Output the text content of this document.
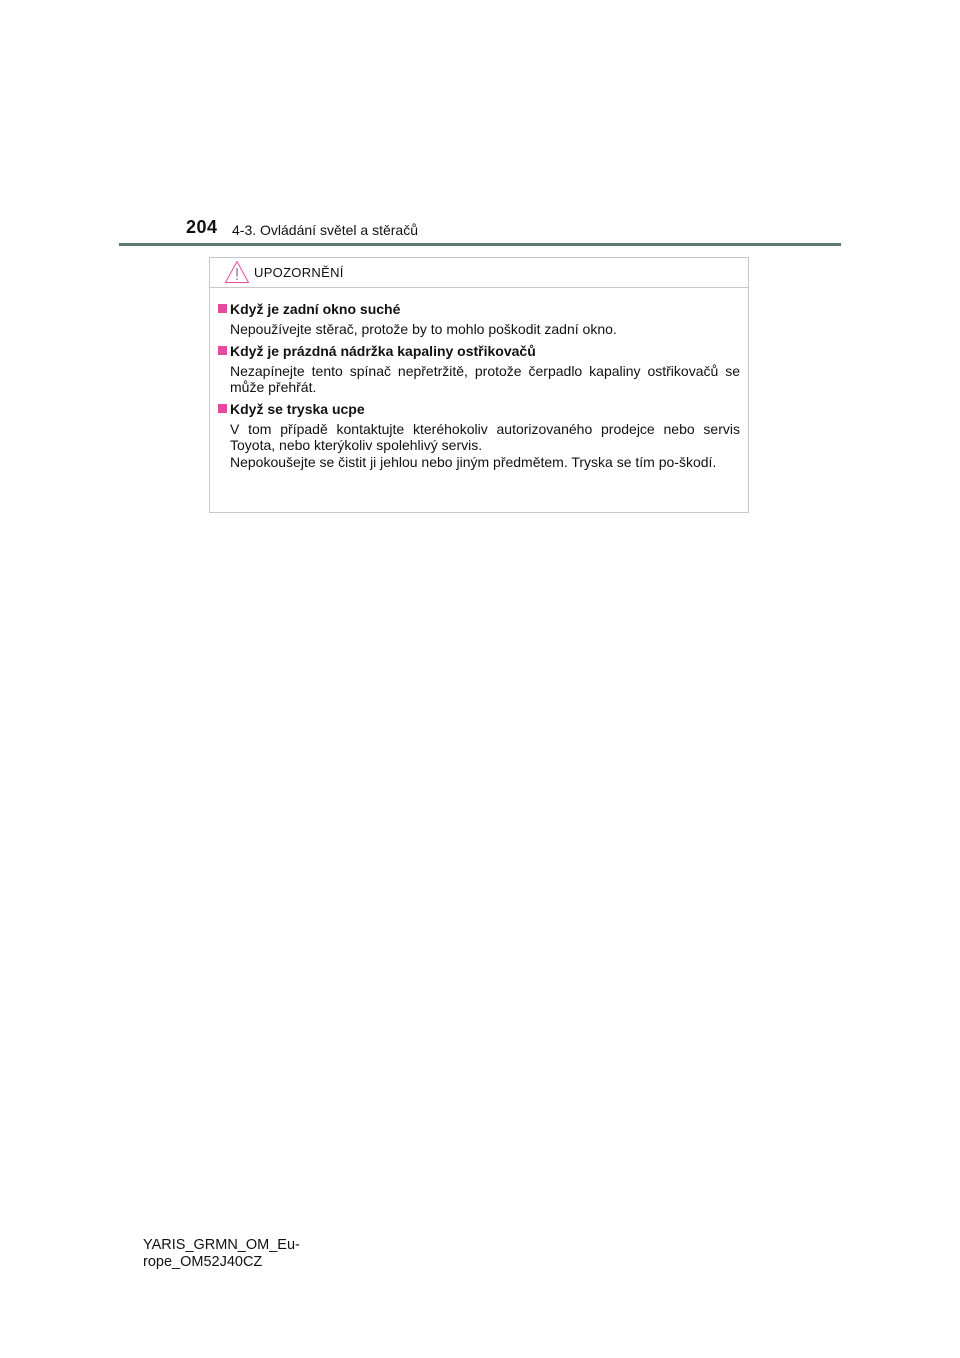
204 4-3. Ovládání světel a stěračů
UPOZORNĚNÍ
Když je zadní okno suché
Nepoužívejte stěrač, protože by to mohlo poškodit zadní okno.
Když je prázdná nádržka kapaliny ostřikovačů
Nezapínejte tento spínač nepřetržitě, protože čerpadlo kapaliny ostřikovačů se může přehřát.
Když se tryska ucpe
V tom případě kontaktujte kteréhokoliv autorizovaného prodejce nebo servis Toyota, nebo kterýkoliv spolehlivý servis.
Nepokoušejte se čistit ji jehlou nebo jiným předmětem. Tryska se tím po-škodí.
YARIS_GRMN_OM_Eu-
rope_OM52J40CZ
